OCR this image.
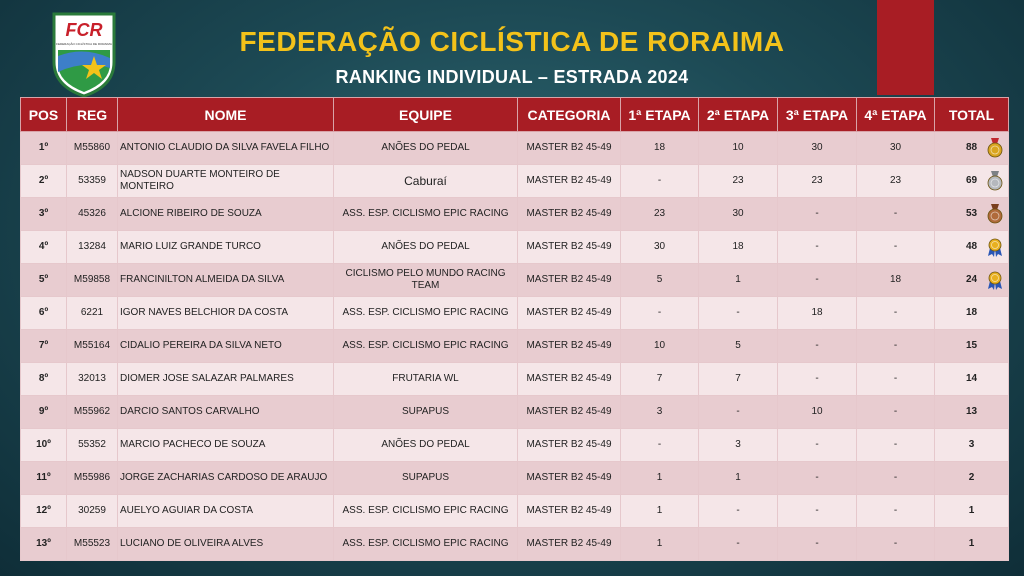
FCR
FEDERAÇÃO CICLÍSTICA DE RORAIMA	FEDERAÇÃO CICLÍSTICA DE RORAIMA
RANKING INDIVIDUAL – ESTRADA 2024
POS	REG	NOME	EQUIPE	CATEGORIA	1ª ETAPA	2ª ETAPA	3ª ETAPA	4ª ETAPA	TOTAL
1º	M55860	ANTONIO CLAUDIO DA SILVA FAVELA FILHO	ANÕES DO PEDAL	MASTER B2 45-49	18	10	30	30	88

2º	53359	NADSON DUARTE MONTEIRO DE MONTEIRO	Caburaí	MASTER B2 45-49	-	23	23	23	69

3º	45326	ALCIONE RIBEIRO DE SOUZA	ASS. ESP. CICLISMO EPIC RACING	MASTER B2 45-49	23	30	-	-	53

4º	13284	MARIO LUIZ GRANDE TURCO	ANÕES DO PEDAL	MASTER B2 45-49	30	18	-	-	48

5º	M59858	FRANCINILTON ALMEIDA DA SILVA	CICLISMO PELO MUNDO RACING TEAM	MASTER B2 45-49	5	1	-	18	24

6º	6221	IGOR NAVES BELCHIOR DA COSTA	ASS. ESP. CICLISMO EPIC RACING	MASTER B2 45-49	-	-	18	-	18
7º	M55164	CIDALIO PEREIRA DA SILVA NETO	ASS. ESP. CICLISMO EPIC RACING	MASTER B2 45-49	10	5	-	-	15
8º	32013	DIOMER JOSE SALAZAR PALMARES	FRUTARIA WL	MASTER B2 45-49	7	7	-	-	14
9º	M55962	DARCIO SANTOS CARVALHO	SUPAPUS	MASTER B2 45-49	3	-	10	-	13
10º	55352	MARCIO PACHECO DE SOUZA	ANÕES DO PEDAL	MASTER B2 45-49	-	3	-	-	3
11º	M55986	JORGE ZACHARIAS CARDOSO DE ARAUJO	SUPAPUS	MASTER B2 45-49	1	1	-	-	2
12º	30259	AUELYO AGUIAR DA COSTA	ASS. ESP. CICLISMO EPIC RACING	MASTER B2 45-49	1	-	-	-	1
13º	M55523	LUCIANO DE OLIVEIRA ALVES	ASS. ESP. CICLISMO EPIC RACING	MASTER B2 45-49	1	-	-	-	1
